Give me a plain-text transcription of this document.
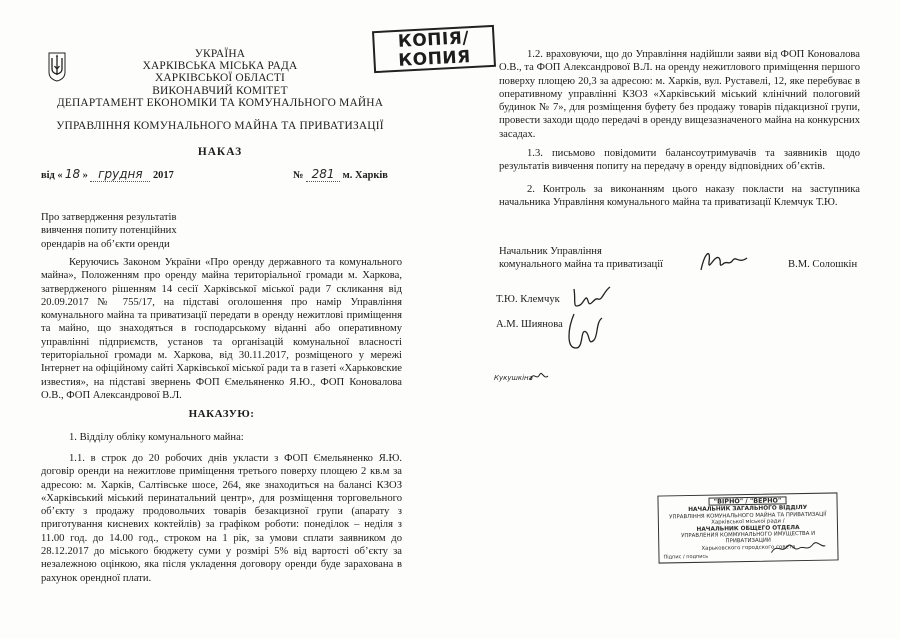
УКРАЇНА
ХАРКІВСЬКА МІСЬКА РАДА
ХАРКІВСЬКОЇ ОБЛАСТІ
ВИКОНАВЧИЙ КОМІТЕТ
ДЕПАРТАМЕНТ ЕКОНОМІКИ ТА КОМУНАЛЬНОГО МАЙНА
УПРАВЛІННЯ КОМУНАЛЬНОГО МАЙНА ТА ПРИВАТИЗАЦІЇ
НАКАЗ
КОПІЯ/
КОПИЯ
від « 18 » грудня 2017	№ 281 м. Харків
Про затвердження результатів
вивчення попиту потенційних
орендарів на об’єкти оренди
Керуючись Законом України «Про оренду державного та комунального майна», Положенням про оренду майна територіальної громади м. Харкова, затвердженого рішенням 14 сесії Харківської міської ради 7 скликання від 20.09.2017 № 755/17, на підставі оголошення про намір Управління комунального майна та приватизації передати в оренду нежитлові приміщення та майно, що знаходяться в господарському віданні або оперативному управлінні підприємств, установ та організацій комунальної власності територіальної громади м. Харкова, від 30.11.2017, розміщеного у мережі Інтернет на офіційному сайті Харківської міської ради та в газеті «Харьковские известия», на підставі звернень ФОП Ємельяненко Я.Ю., ФОП Коновалова О.В., ФОП Александрової В.Л.
НАКАЗУЮ:
1. Відділу обліку комунального майна:
1.1. в строк до 20 робочих днів укласти з ФОП Ємельяненко Я.Ю. договір оренди на нежитлове приміщення третього поверху площею 2 кв.м за адресою: м. Харків, Салтівське шосе, 264, яке знаходиться на балансі КЗОЗ «Харківський міський перинатальний центр», для розміщення торговельного об’єкту з продажу продовольчих товарів безакцизної групи (апарату з приготування кисневих коктейлів) за графіком роботи: понеділок – неділя з 11.00 год. до 14.00 год., строком на 1 рік, за умови сплати заявником до 28.12.2017 до міського бюджету суми у розмірі 5% від вартості об’єкту за незалежною оцінкою, яка після укладення договору оренди буде зарахована в рахунок орендної плати.
1.2. враховуючи, що до Управління надійшли заяви від ФОП Коновалова О.В., та ФОП Александрової В.Л. на оренду нежитлового приміщення першого поверху площею 20,3 за адресою: м. Харків, вул. Руставелі, 12, яке перебуває в оперативному управлінні КЗОЗ «Харківський міський клінічний пологовий будинок № 7», для розміщення буфету без продажу товарів підакцизної групи, провести заходи щодо передачі в оренду вищезазначеного майна на конкурсних засадах.
1.3. письмово повідомити балансоутримувачів та заявників щодо результатів вивчення попиту на передачу в оренду відповідних об’єктів.
2. Контроль за виконанням цього наказу покласти на заступника начальника Управління комунального майна та приватизації Клемчук Т.Ю.
Начальник Управління
комунального майна та приватизації	В.М. Солошкін
Т.Ю. Клемчук
А.М. Шиянова
Кукушкіна
"ВІРНО" / "ВЕРНО"
НАЧАЛЬНИК ЗАГАЛЬНОГО ВІДДІЛУ
УПРАВЛІННЯ КОМУНАЛЬНОГО МАЙНА ТА ПРИВАТИЗАЦІЇ
Харківської міської ради /
НАЧАЛЬНИК ОБЩЕГО ОТДЕЛА
УПРАВЛЕНИЯ КОММУНАЛЬНОГО ИМУЩЕСТВА И ПРИВАТИЗАЦИИ
Харьковского городского совета
Підпис / подпись
